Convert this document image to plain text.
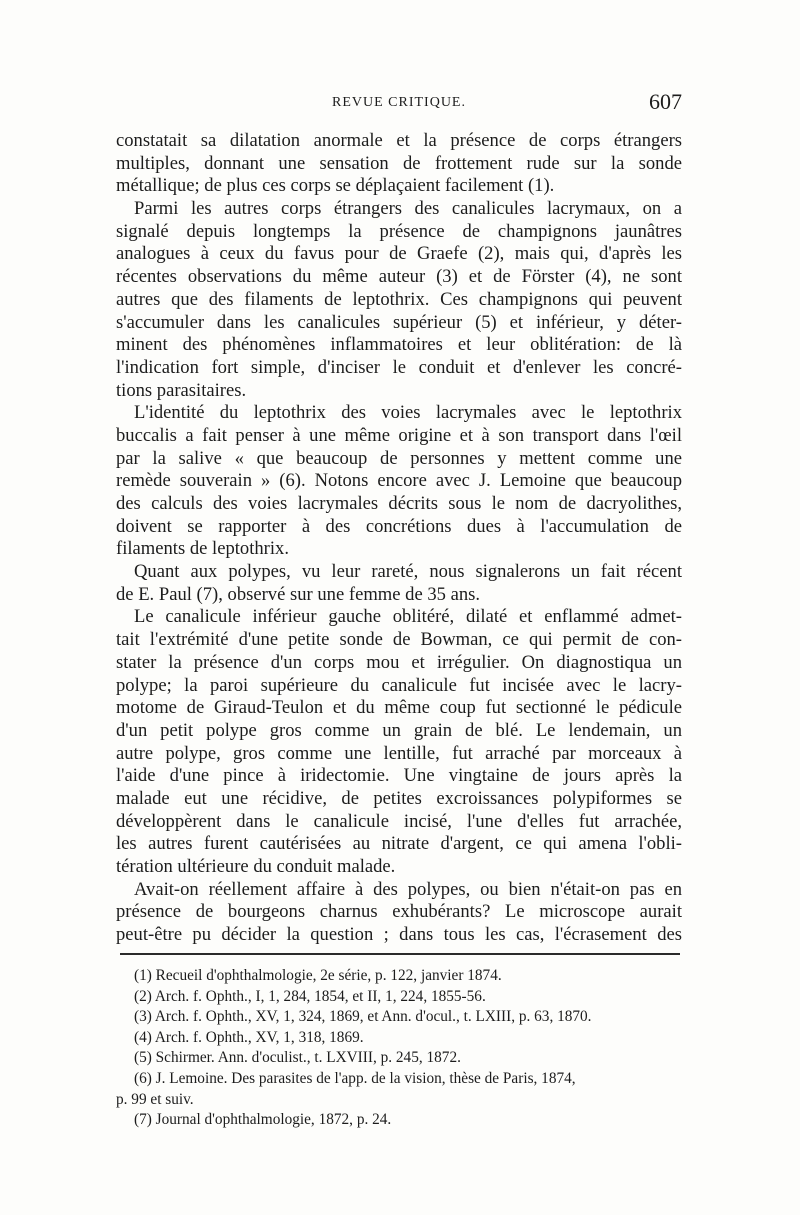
REVUE CRITIQUE.	607
constatait sa dilatation anormale et la présence de corps étrangers
multiples, donnant une sensation de frottement rude sur la sonde
métallique; de plus ces corps se déplaçaient facilement (1).
Parmi les autres corps étrangers des canalicules lacrymaux, on a
signalé depuis longtemps la présence de champignons jaunâtres
analogues à ceux du favus pour de Graefe (2), mais qui, d'après les
récentes observations du même auteur (3) et de Förster (4), ne sont
autres que des filaments de leptothrix. Ces champignons qui peuvent
s'accumuler dans les canalicules supérieur (5) et inférieur, y déter-
minent des phénomènes inflammatoires et leur oblitération: de là
l'indication fort simple, d'inciser le conduit et d'enlever les concré-
tions parasitaires.
L'identité du leptothrix des voies lacrymales avec le leptothrix
buccalis a fait penser à une même origine et à son transport dans l'œil
par la salive « que beaucoup de personnes y mettent comme une
remède souverain » (6). Notons encore avec J. Lemoine que beaucoup
des calculs des voies lacrymales décrits sous le nom de dacryolithes,
doivent se rapporter à des concrétions dues à l'accumulation de
filaments de leptothrix.
Quant aux polypes, vu leur rareté, nous signalerons un fait récent
de E. Paul (7), observé sur une femme de 35 ans.
Le canalicule inférieur gauche oblitéré, dilaté et enflammé admet-
tait l'extrémité d'une petite sonde de Bowman, ce qui permit de con-
stater la présence d'un corps mou et irrégulier. On diagnostiqua un
polype; la paroi supérieure du canalicule fut incisée avec le lacry-
motome de Giraud-Teulon et du même coup fut sectionné le pédicule
d'un petit polype gros comme un grain de blé. Le lendemain, un
autre polype, gros comme une lentille, fut arraché par morceaux à
l'aide d'une pince à iridectomie. Une vingtaine de jours après la
malade eut une récidive, de petites excroissances polypiformes se
développèrent dans le canalicule incisé, l'une d'elles fut arrachée,
les autres furent cautérisées au nitrate d'argent, ce qui amena l'obli-
tération ultérieure du conduit malade.
Avait-on réellement affaire à des polypes, ou bien n'était-on pas en
présence de bourgeons charnus exhubérants? Le microscope aurait
peut-être pu décider la question ; dans tous les cas, l'écrasement des
(1) Recueil d'ophthalmologie, 2e série, p. 122, janvier 1874.
(2) Arch. f. Ophth., I, 1, 284, 1854, et II, 1, 224, 1855-56.
(3) Arch. f. Ophth., XV, 1, 324, 1869, et Ann. d'ocul., t. LXIII, p. 63, 1870.
(4) Arch. f. Ophth., XV, 1, 318, 1869.
(5) Schirmer. Ann. d'oculist., t. LXVIII, p. 245, 1872.
(6) J. Lemoine. Des parasites de l'app. de la vision, thèse de Paris, 1874,
p. 99 et suiv.
(7) Journal d'ophthalmologie, 1872, p. 24.
